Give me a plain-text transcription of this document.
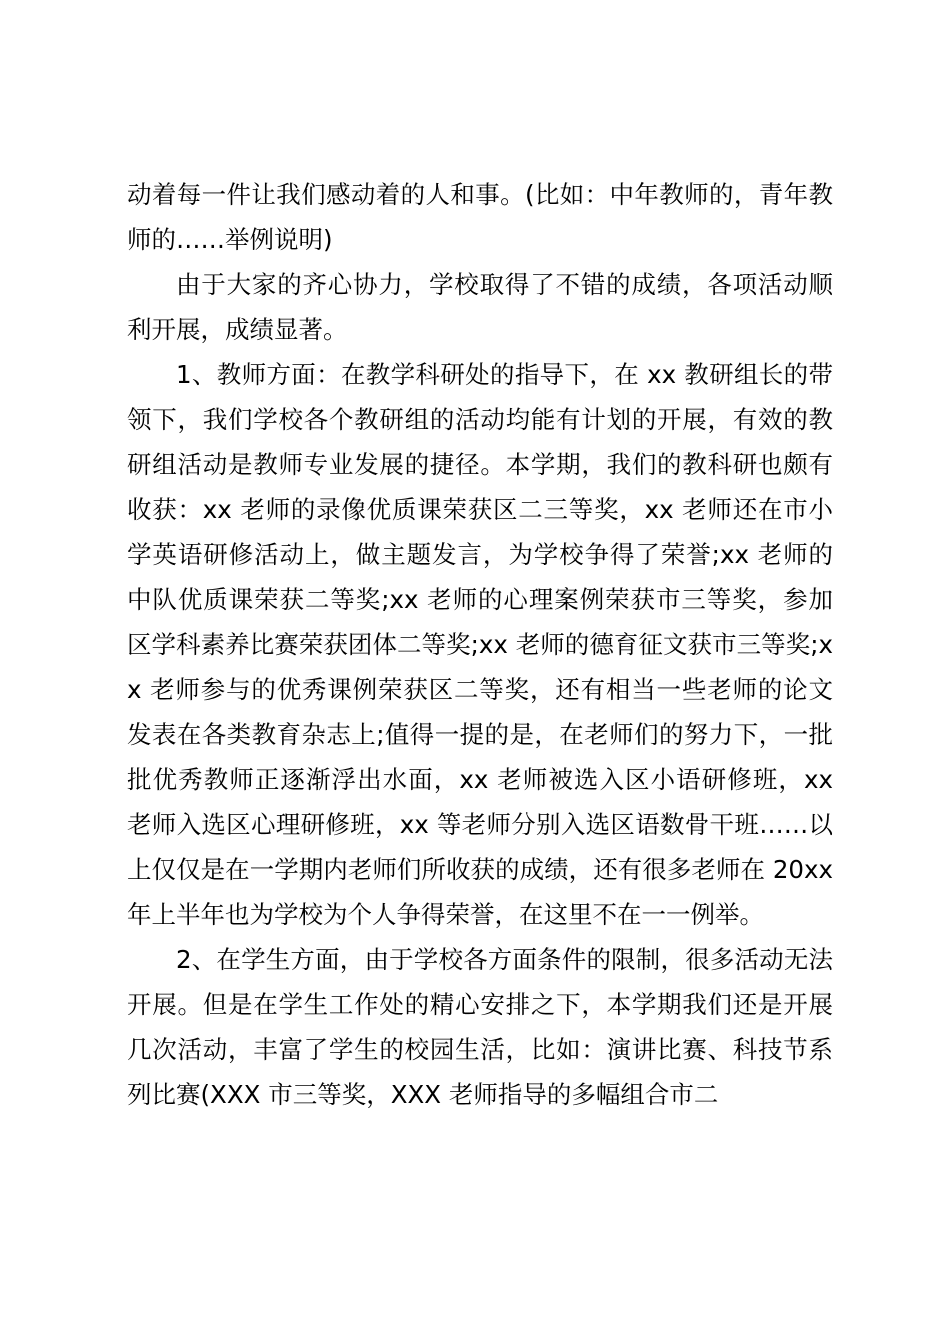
动着每一件让我们感动着的人和事。(比如：中年教师的，青年教师的……举例说明)

由于大家的齐心协力，学校取得了不错的成绩，各项活动顺利开展，成绩显著。

1、教师方面：在教学科研处的指导下，在 xx 教研组长的带领下，我们学校各个教研组的活动均能有计划的开展，有效的教研组活动是教师专业发展的捷径。本学期，我们的教科研也颇有收获：xx 老师的录像优质课荣获区二三等奖，xx 老师还在市小学英语研修活动上，做主题发言，为学校争得了荣誉;xx 老师的中队优质课荣获二等奖;xx 老师的心理案例荣获市三等奖，参加区学科素养比赛荣获团体二等奖;xx 老师的德育征文获市三等奖;xx 老师参与的优秀课例荣获区二等奖，还有相当一些老师的论文发表在各类教育杂志上;值得一提的是，在老师们的努力下，一批批优秀教师正逐渐浮出水面，xx 老师被选入区小语研修班，xx 老师入选区心理研修班，xx 等老师分别入选区语数骨干班……以上仅仅是在一学期内老师们所收获的成绩，还有很多老师在 20xx 年上半年也为学校为个人争得荣誉，在这里不在一一例举。

2、在学生方面，由于学校各方面条件的限制，很多活动无法开展。但是在学生工作处的精心安排之下，本学期我们还是开展几次活动，丰富了学生的校园生活，比如：演讲比赛、科技节系列比赛(XXX 市三等奖，XXX 老师指导的多幅组合市二
